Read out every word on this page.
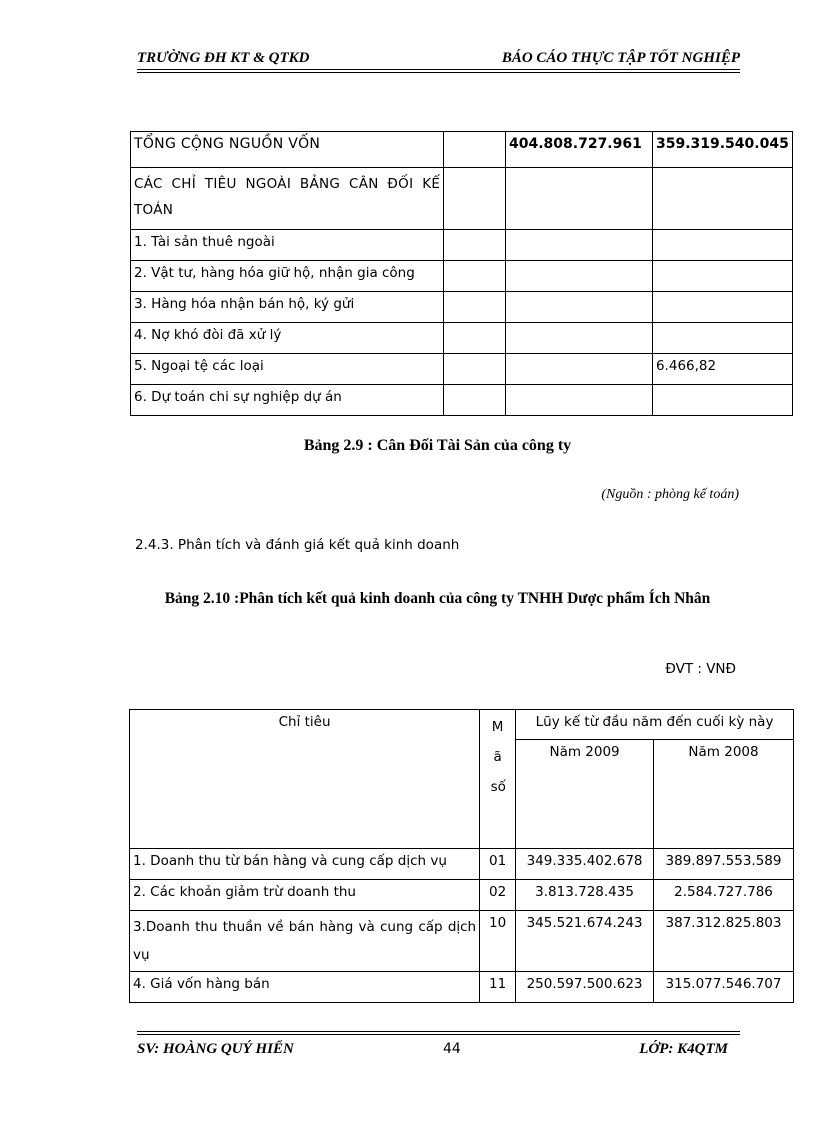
TRƯỜNG ĐH KT & QTKD	BÁO CÁO THỰC TẬP TỐT NGHIỆP
TỔNG CỘNG NGUỒN VỐN		404.808.727.961	359.319.540.045

CÁC CHỈ TIÊU NGOÀI BẢNG CÂN ĐỐI KẾ TOÁN			

1. Tài sản thuê ngoài			
2. Vật tư, hàng hóa giữ hộ, nhận gia công			
3. Hàng hóa nhận bán hộ, ký gửi			
4. Nợ khó đòi đã xử lý			
5. Ngoại tệ các loại			6.466,82
6. Dự toán chi sự nghiệp dự án			
Bảng 2.9 : Cân Đối Tài Sản của công ty
(Nguồn : phòng kế toán)
2.4.3. Phân tích và đánh giá kết quả kinh doanh
Bảng 2.10 :Phân tích kết quả kinh doanh của công ty TNHH Dược phẩm Ích Nhân
ĐVT : VNĐ
Chỉ tiêu	M ã số	Lũy kế từ đầu năm đến cuối kỳ này	
		Năm 2009	Năm 2008
1. Doanh thu từ bán hàng và cung cấp dịch vụ	01	349.335.402.678	389.897.553.589
2. Các khoản giảm trừ doanh thu	02	3.813.728.435	2.584.727.786

3.Doanh thu thuần về bán hàng và cung cấp dịch vụ	10	345.521.674.243	387.312.825.803
4. Giá vốn hàng bán	11	250.597.500.623	315.077.546.707
SV: HOÀNG QUÝ HIỂN	44	LỚP: K4QTM
